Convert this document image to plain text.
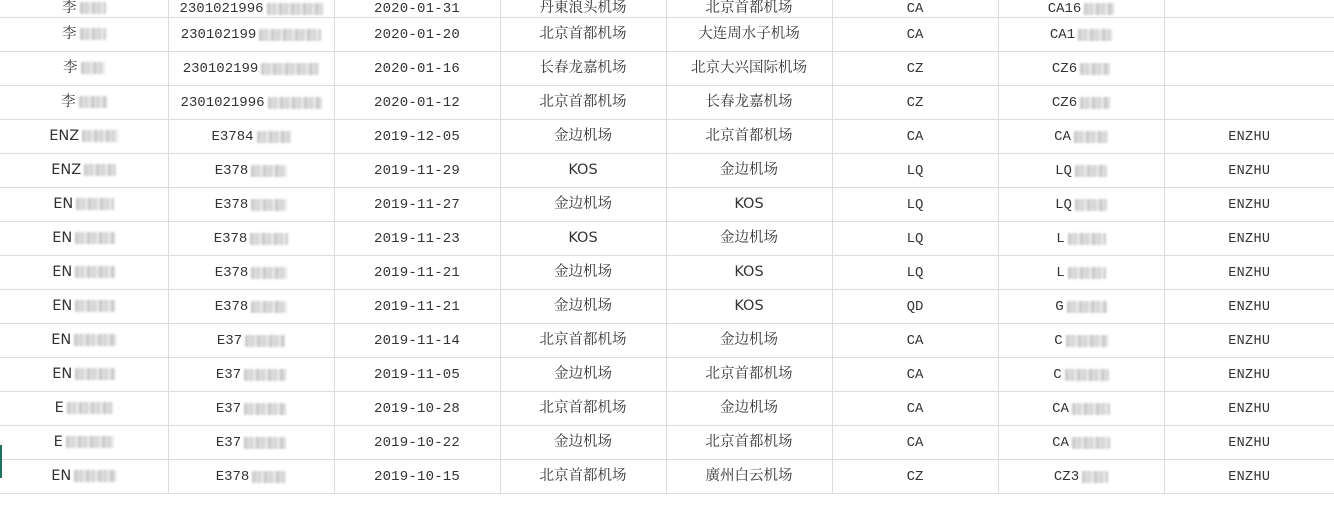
李	2301021996	2020-01-31	丹東浪头机场	北京首都机场	CA	CA16	

李	230102199	2020-01-20	北京首都机场	大连周水子机场	CA	CA1	

李	230102199	2020-01-16	长春龙嘉机场	北京大兴国际机场	CZ	CZ6	

李	2301021996	2020-01-12	北京首都机场	长春龙嘉机场	CZ	CZ6	

ENZ	E3784	2019-12-05	金边机场	北京首都机场	CA	CA	ENZHU

ENZ	E378	2019-11-29	KOS	金边机场	LQ	LQ	ENZHU

EN	E378	2019-11-27	金边机场	KOS	LQ	LQ	ENZHU

EN	E378	2019-11-23	KOS	金边机场	LQ	L	ENZHU

EN	E378	2019-11-21	金边机场	KOS	LQ	L	ENZHU

EN	E378	2019-11-21	金边机场	KOS	QD	G	ENZHU

EN	E37	2019-11-14	北京首都机场	金边机场	CA	C	ENZHU

EN	E37	2019-11-05	金边机场	北京首都机场	CA	C	ENZHU

E	E37	2019-10-28	北京首都机场	金边机场	CA	CA	ENZHU

E	E37	2019-10-22	金边机场	北京首都机场	CA	CA	ENZHU

EN	E378	2019-10-15	北京首都机场	廣州白云机场	CZ	CZ3	ENZHU
